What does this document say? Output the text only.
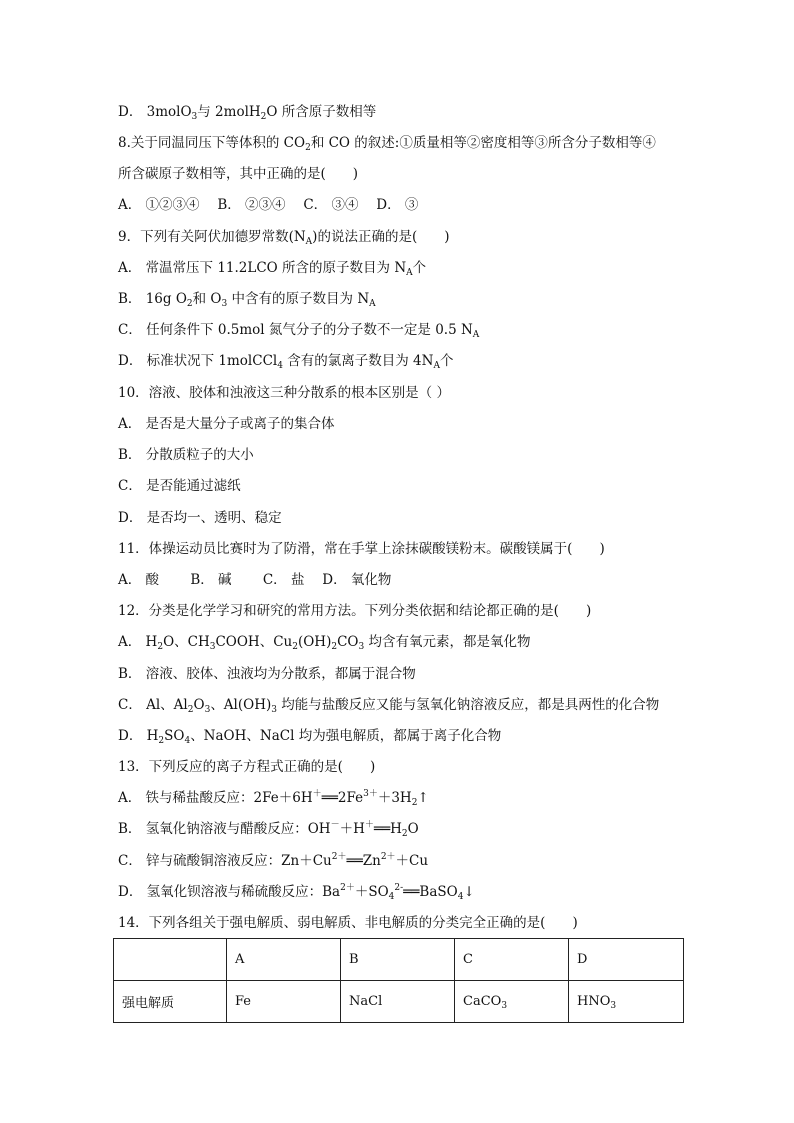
D． 3molO$_3$与 2molH$_2$O 所含原子数相等
8.关于同温同压下等体积的 $CO_2$和 CO 的叙述:①质量相等②密度相等③所含分子数相等④
所含碳原子数相等，其中正确的是(　　)
A． ①②③④　 B． ②③④　 C． ③④　 D． ③
9．下列有关阿伏加德罗常数$(N_A)$的说法正确的是(　　)
A． 常温常压下 11.2LCO 所含的原子数目为 $N_A$个
B． 16g $O_2$和 $O_3$ 中含有的原子数目为 $N_A$
C． 任何条件下 0.5mol 氮气分子的分子数不一定是 0.5 $N_A$
D． 标准状况下 1molCCl$_4$ 含有的氯离子数目为 $4N_A$个
10．溶液、胶体和浊液这三种分散系的根本区别是（ ）
A． 是否是大量分子或离子的集合体
B． 分散质粒子的大小
C． 是否能通过滤纸
D． 是否均一、透明、稳定
11．体操运动员比赛时为了防滑，常在手掌上涂抹碳酸镁粉末。碳酸镁属于(　　)
A． 酸　　 B． 碱　　 C． 盐　 D． 氧化物
12．分类是化学学习和研究的常用方法。下列分类依据和结论都正确的是(　　)
A． $H_2O$、$CH_3COOH$、$Cu_2(OH)_2CO_3$ 均含有氧元素，都是氧化物
B． 溶液、胶体、浊液均为分散系，都属于混合物
C． Al、$Al_2O_3$、$Al(OH)_3$ 均能与盐酸反应又能与氢氧化钠溶液反应，都是具两性的化合物
D． $H_2SO_4$、NaOH、NaCl 均为强电解质，都属于离子化合物
13．下列反应的离子方程式正确的是(　　)
A． 铁与稀盐酸反应：$2Fe+6H^+══2Fe^{3+}+3H_2↑$
B． 氢氧化钠溶液与醋酸反应：$OH^-+H^+══H_2O$
C． 锌与硫酸铜溶液反应：$Zn+Cu^{2+}══Zn^{2+}+Cu$
D． 氢氧化钡溶液与稀硫酸反应：$Ba^{2+}+SO_4^{2-}══BaSO_4↓$
14．下列各组关于强电解质、弱电解质、非电解质的分类完全正确的是(　　)
	A	B	C	D
强电解质	Fe	NaCl	CaCO$_3$	$HNO_3$
